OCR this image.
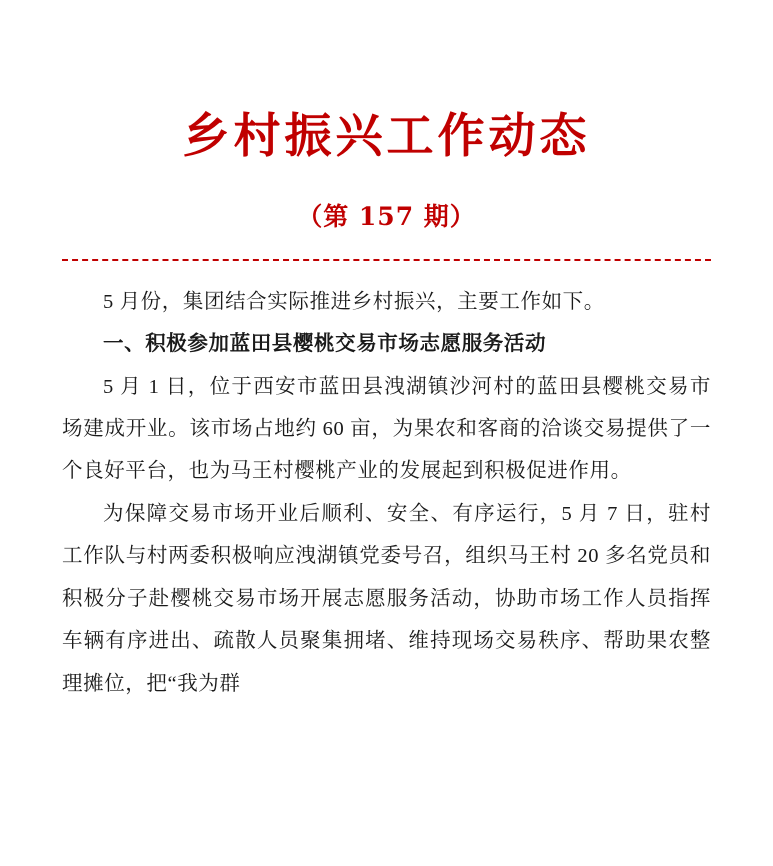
乡村振兴工作动态
（第 157 期）

5 月份，集团结合实际推进乡村振兴，主要工作如下。

一、积极参加蓝田县樱桃交易市场志愿服务活动

5 月 1 日，位于西安市蓝田县洩湖镇沙河村的蓝田县樱桃交易市场建成开业。该市场占地约 60 亩，为果农和客商的洽谈交易提供了一个良好平台，也为马王村樱桃产业的发展起到积极促进作用。

为保障交易市场开业后顺利、安全、有序运行，5 月 7 日，驻村工作队与村两委积极响应洩湖镇党委号召，组织马王村 20 多名党员和积极分子赴樱桃交易市场开展志愿服务活动，协助市场工作人员指挥车辆有序进出、疏散人员聚集拥堵、维持现场交易秩序、帮助果农整理摊位，把“我为群
